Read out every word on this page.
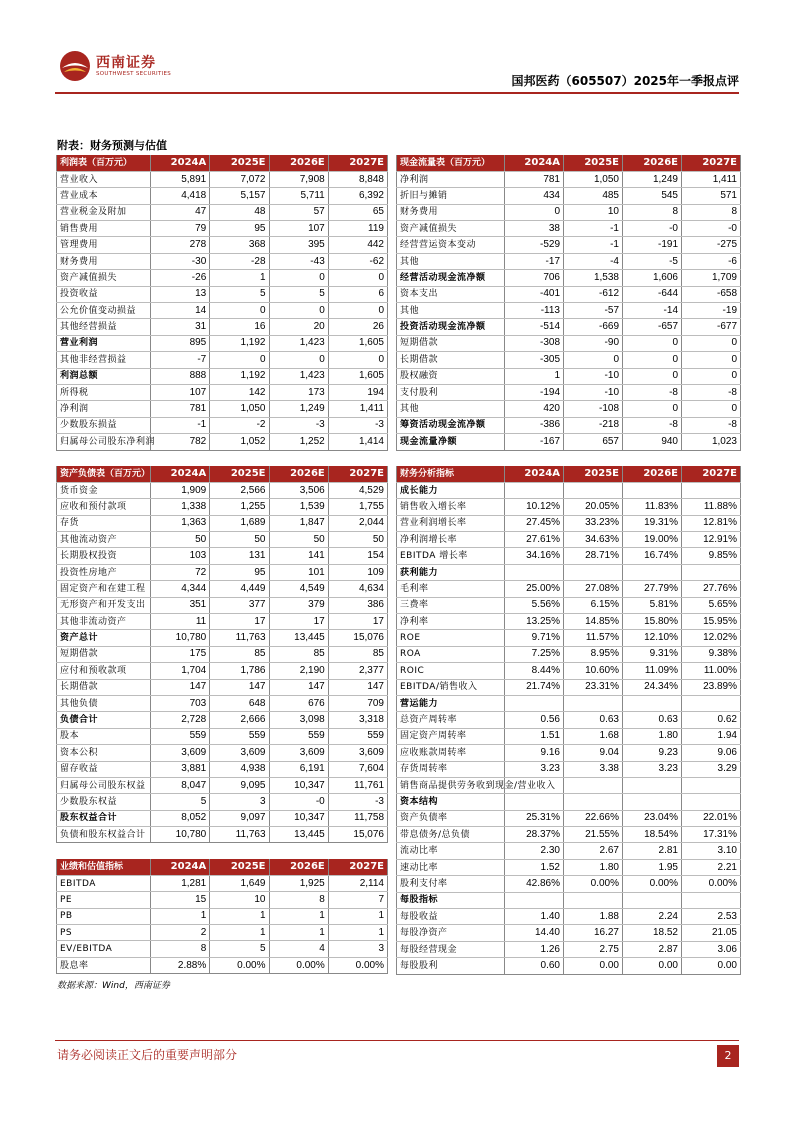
西南证券
SOUTHWEST SECURITIES	国邦医药（605507）2025年一季报点评
附表：财务预测与估值
利润表（百万元）	2024A	2025E	2026E	2027E
营业收入	5,891	7,072	7,908	8,848
营业成本	4,418	5,157	5,711	6,392
营业税金及附加	47	48	57	65
销售费用	79	95	107	119
管理费用	278	368	395	442
财务费用	-30	-28	-43	-62
资产减值损失	-26	1	0	0
投资收益	13	5	5	6
公允价值变动损益	14	0	0	0
其他经营损益	31	16	20	26
营业利润	895	1,192	1,423	1,605
其他非经营损益	-7	0	0	0
利润总额	888	1,192	1,423	1,605
所得税	107	142	173	194
净利润	781	1,050	1,249	1,411
少数股东损益	-1	-2	-3	-3
归属母公司股东净利润	782	1,052	1,252	1,414
现金流量表（百万元）	2024A	2025E	2026E	2027E
净利润	781	1,050	1,249	1,411
折旧与摊销	434	485	545	571
财务费用	0	10	8	8
资产减值损失	38	-1	-0	-0
经营营运资本变动	-529	-1	-191	-275
其他	-17	-4	-5	-6
经营活动现金流净额	706	1,538	1,606	1,709
资本支出	-401	-612	-644	-658
其他	-113	-57	-14	-19
投资活动现金流净额	-514	-669	-657	-677
短期借款	-308	-90	0	0
长期借款	-305	0	0	0
股权融资	1	-10	0	0
支付股利	-194	-10	-8	-8
其他	420	-108	0	0
筹资活动现金流净额	-386	-218	-8	-8
现金流量净额	-167	657	940	1,023
资产负债表（百万元）	2024A	2025E	2026E	2027E
货币资金	1,909	2,566	3,506	4,529
应收和预付款项	1,338	1,255	1,539	1,755
存货	1,363	1,689	1,847	2,044
其他流动资产	50	50	50	50
长期股权投资	103	131	141	154
投资性房地产	72	95	101	109
固定资产和在建工程	4,344	4,449	4,549	4,634
无形资产和开发支出	351	377	379	386
其他非流动资产	11	17	17	17
资产总计	10,780	11,763	13,445	15,076
短期借款	175	85	85	85
应付和预收款项	1,704	1,786	2,190	2,377
长期借款	147	147	147	147
其他负债	703	648	676	709
负债合计	2,728	2,666	3,098	3,318
股本	559	559	559	559
资本公积	3,609	3,609	3,609	3,609
留存收益	3,881	4,938	6,191	7,604
归属母公司股东权益	8,047	9,095	10,347	11,761
少数股东权益	5	3	-0	-3
股东权益合计	8,052	9,097	10,347	11,758
负债和股东权益合计	10,780	11,763	13,445	15,076
财务分析指标	2024A	2025E	2026E	2027E
成长能力				
销售收入增长率	10.12%	20.05%	11.83%	11.88%
营业利润增长率	27.45%	33.23%	19.31%	12.81%
净利润增长率	27.61%	34.63%	19.00%	12.91%
EBITDA 增长率	34.16%	28.71%	16.74%	9.85%
获利能力				
毛利率	25.00%	27.08%	27.79%	27.76%
三费率	5.56%	6.15%	5.81%	5.65%
净利率	13.25%	14.85%	15.80%	15.95%
ROE	9.71%	11.57%	12.10%	12.02%
ROA	7.25%	8.95%	9.31%	9.38%
ROIC	8.44%	10.60%	11.09%	11.00%
EBITDA/销售收入	21.74%	23.31%	24.34%	23.89%
营运能力				
总资产周转率	0.56	0.63	0.63	0.62
固定资产周转率	1.51	1.68	1.80	1.94
应收账款周转率	9.16	9.04	9.23	9.06
存货周转率	3.23	3.38	3.23	3.29
销售商品提供劳务收到现金/营业收入				
资本结构				
资产负债率	25.31%	22.66%	23.04%	22.01%
带息债务/总负债	28.37%	21.55%	18.54%	17.31%
流动比率	2.30	2.67	2.81	3.10
速动比率	1.52	1.80	1.95	2.21
股利支付率	42.86%	0.00%	0.00%	0.00%
每股指标				
每股收益	1.40	1.88	2.24	2.53
每股净资产	14.40	16.27	18.52	21.05
每股经营现金	1.26	2.75	2.87	3.06
每股股利	0.60	0.00	0.00	0.00
业绩和估值指标	2024A	2025E	2026E	2027E
EBITDA	1,281	1,649	1,925	2,114
PE	15	10	8	7
PB	1	1	1	1
PS	2	1	1	1
EV/EBITDA	8	5	4	3
股息率	2.88%	0.00%	0.00%	0.00%
数据来源：Wind，西南证券
请务必阅读正文后的重要声明部分	2
